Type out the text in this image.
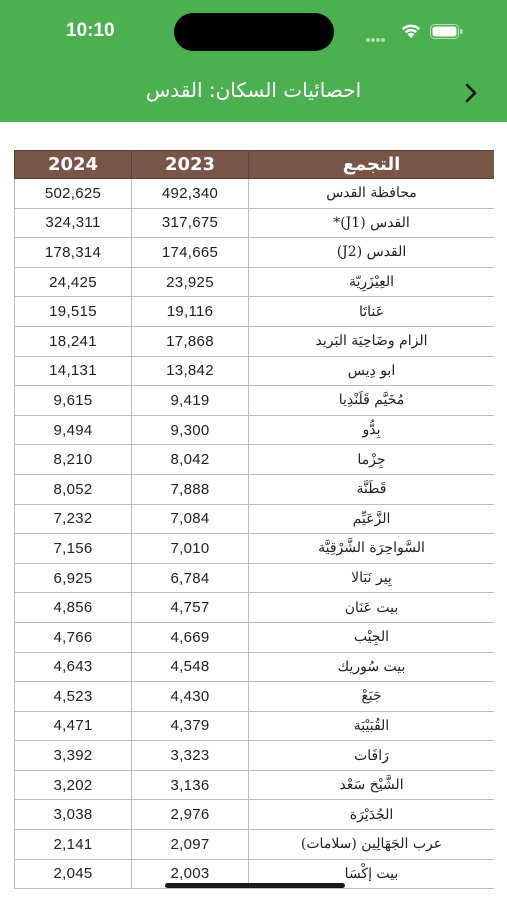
10:10
احصائيات السكان: القدس
2024	2023	التجمع
502,625	492,340	محافظة القدس
324,311	317,675	القدس (J1)*
178,314	174,665	القدس (J2)
24,425	23,925	العِيْزَرِيّة
19,515	19,116	عَناتَا
18,241	17,868	الزام وضَاحِيَة البَريد
14,131	13,842	ابو دِيس
9,615	9,419	مُخَيَّم قَلَنْدِيا
9,494	9,300	بِدُّو
8,210	8,042	جِزْما
8,052	7,888	قَطَنَّة
7,232	7,084	الزَّعَيِّم
7,156	7,010	السَّواحِرَة الشَّرْقِيَّة
6,925	6,784	بِير نَبَالا
4,856	4,757	بيت عَنَان
4,766	4,669	الجِيْب
4,643	4,548	بيت سُوريك
4,523	4,430	جَبَعْ
4,471	4,379	القُبَيْبَة
3,392	3,323	رَافَات
3,202	3,136	الشَّيْخ سَعْد
3,038	2,976	الجُدَيْرَة
2,141	2,097	عرب الجَهَالِين (سلامات)
2,045	2,003	بيت إكْسَا
